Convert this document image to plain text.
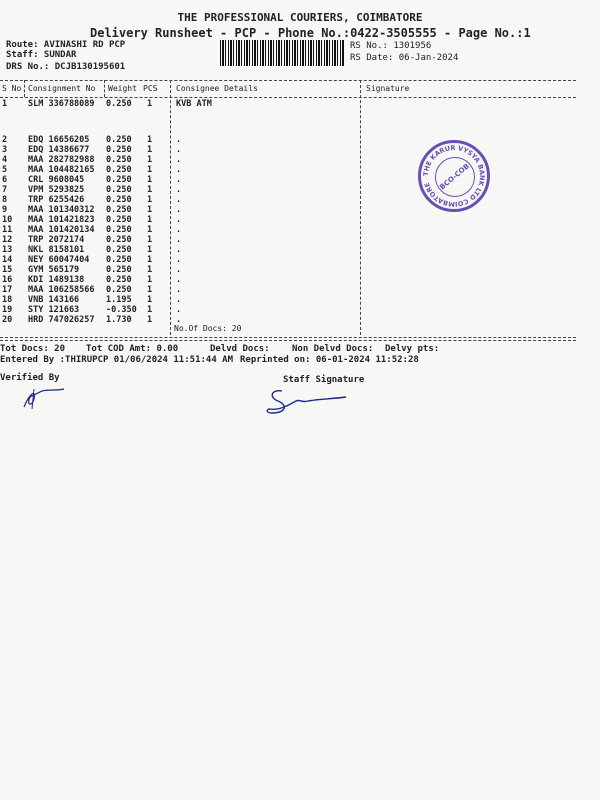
THE PROFESSIONAL COURIERS, COIMBATORE
Delivery Runsheet - PCP - Phone No.:0422-3505555 - Page No.:1
Route: AVINASHI RD PCP
Staff: SUNDAR
DRS No.: DCJB130195601
RS No.: 1301956
RS Date: 06-Jan-2024
S No Consignment No Weight PCS Consignee Details	Signature
1 SLM 336788089 0.250 1	KVB ATM
2 EDQ 16656205 0.250 1	.
3 EDQ 14386677 0.250 1	.
4 MAA 282782988 0.250 1	.
5 MAA 104482165 0.250 1	.
6 CRL 9608045	0.250 1	.
7 VPM 5293825	0.250 1	.
8 TRP 6255426	0.250 1	.
9 MAA 101340312 0.250 1	.
10 MAA 101421823 0.250 1	.
11 MAA 101420134 0.250 1	.
12 TRP 2072174	0.250 1	.
13 NKL 8158101	0.250 1	.
14 NEY 60047404 0.250 1	.
15 GYM 565179	0.250 1	.
16 KDI 1489138	0.250 1	.
17 MAA 106258566 0.250 1	.
18 VNB 143166	1.195 1	.
19 STY 121663	-0.350 1	.
20 HRD 747026257 1.730 1	.
No.Of Docs: 20
THE KARUR VYSYA BANK LTD COIMBATORE BCO-COB
Tot Docs: 20 Tot COD Amt: 0.00	Delvd Docs: Non Delvd Docs: Delvy pts:
Entered By :THIRUPCP 01/06/2024 11:51:44 AM Reprinted on: 06-01-2024 11:52:28
Verified By	Staff Signature
